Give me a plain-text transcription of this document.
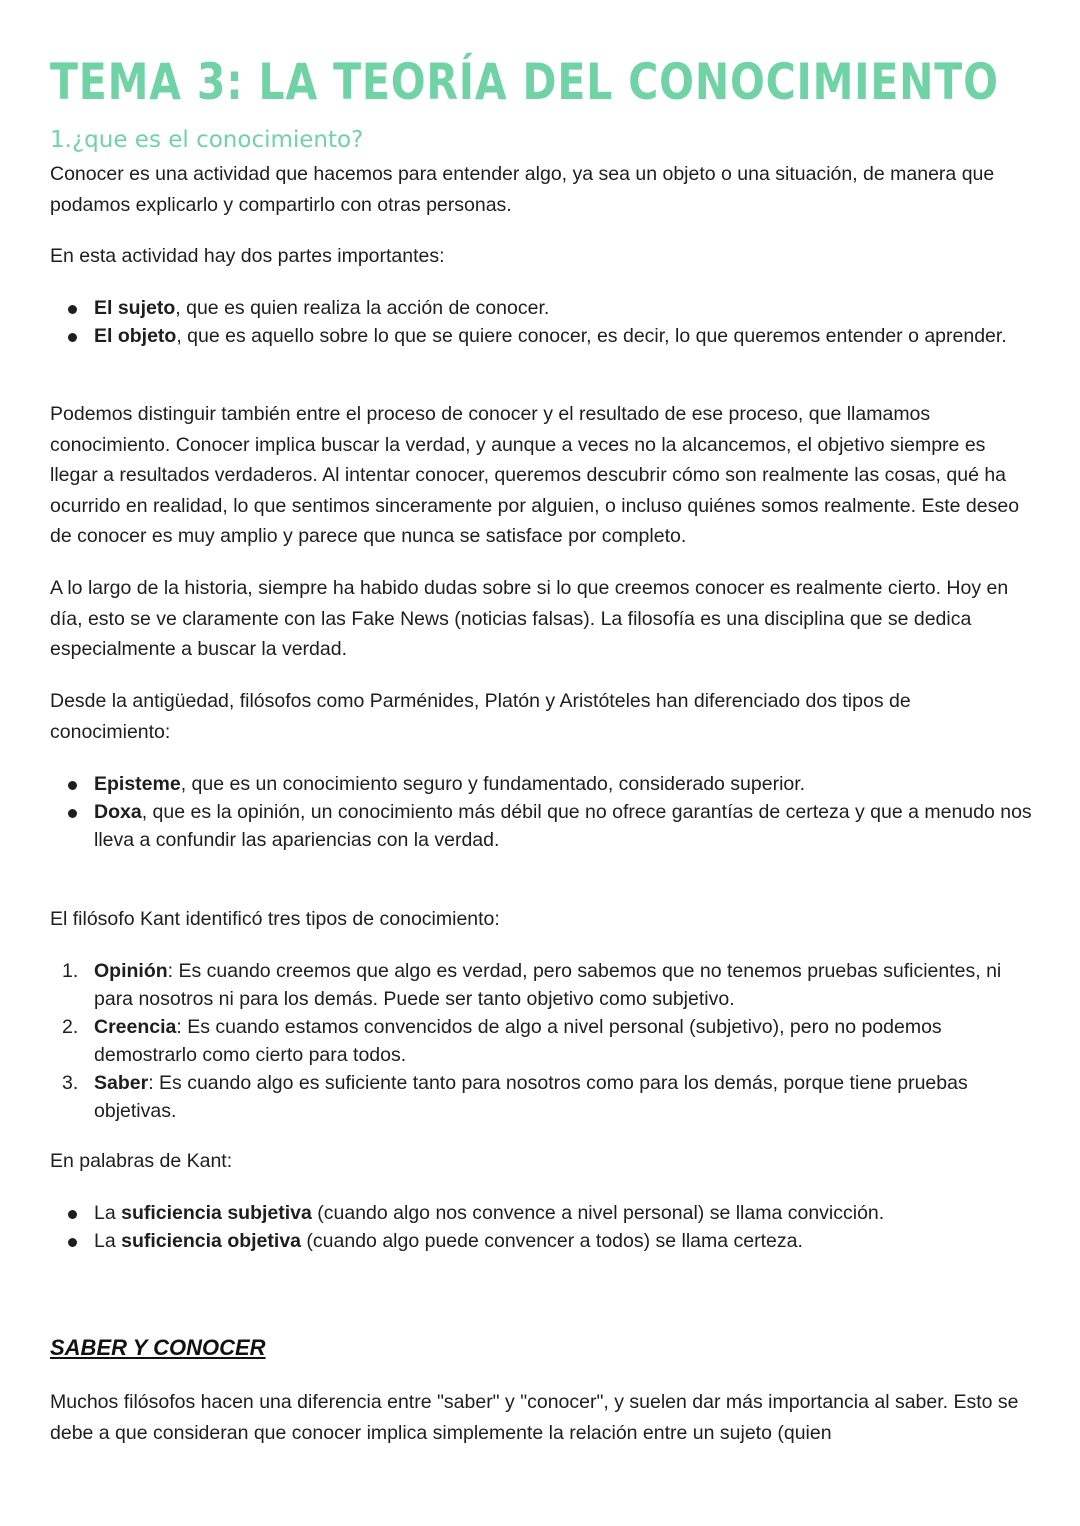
TEMA 3: LA TEORÍA DEL CONOCIMIENTO
1.¿que es el conocimiento?

Conocer es una actividad que hacemos para entender algo, ya sea un objeto o una situación, de manera que podamos explicarlo y compartirlo con otras personas.

En esta actividad hay dos partes importantes:

El sujeto, que es quien realiza la acción de conocer.
El objeto, que es aquello sobre lo que se quiere conocer, es decir, lo que queremos entender o aprender.

Podemos distinguir también entre el proceso de conocer y el resultado de ese proceso, que llamamos conocimiento. Conocer implica buscar la verdad, y aunque a veces no la alcancemos, el objetivo siempre es llegar a resultados verdaderos. Al intentar conocer, queremos descubrir cómo son realmente las cosas, qué ha ocurrido en realidad, lo que sentimos sinceramente por alguien, o incluso quiénes somos realmente. Este deseo de conocer es muy amplio y parece que nunca se satisface por completo.

A lo largo de la historia, siempre ha habido dudas sobre si lo que creemos conocer es realmente cierto. Hoy en día, esto se ve claramente con las Fake News (noticias falsas). La filosofía es una disciplina que se dedica especialmente a buscar la verdad.

Desde la antigüedad, filósofos como Parménides, Platón y Aristóteles han diferenciado dos tipos de conocimiento:

Episteme, que es un conocimiento seguro y fundamentado, considerado superior.
Doxa, que es la opinión, un conocimiento más débil que no ofrece garantías de certeza y que a menudo nos lleva a confundir las apariencias con la verdad.

El filósofo Kant identificó tres tipos de conocimiento:

1. Opinión: Es cuando creemos que algo es verdad, pero sabemos que no tenemos pruebas suficientes, ni para nosotros ni para los demás. Puede ser tanto objetivo como subjetivo.
2. Creencia: Es cuando estamos convencidos de algo a nivel personal (subjetivo), pero no podemos demostrarlo como cierto para todos.
3. Saber: Es cuando algo es suficiente tanto para nosotros como para los demás, porque tiene pruebas objetivas.

En palabras de Kant:

La suficiencia subjetiva (cuando algo nos convence a nivel personal) se llama convicción.
La suficiencia objetiva (cuando algo puede convencer a todos) se llama certeza.
SABER Y CONOCER

Muchos filósofos hacen una diferencia entre "saber" y "conocer", y suelen dar más importancia al saber. Esto se debe a que consideran que conocer implica simplemente la relación entre un sujeto (quien
